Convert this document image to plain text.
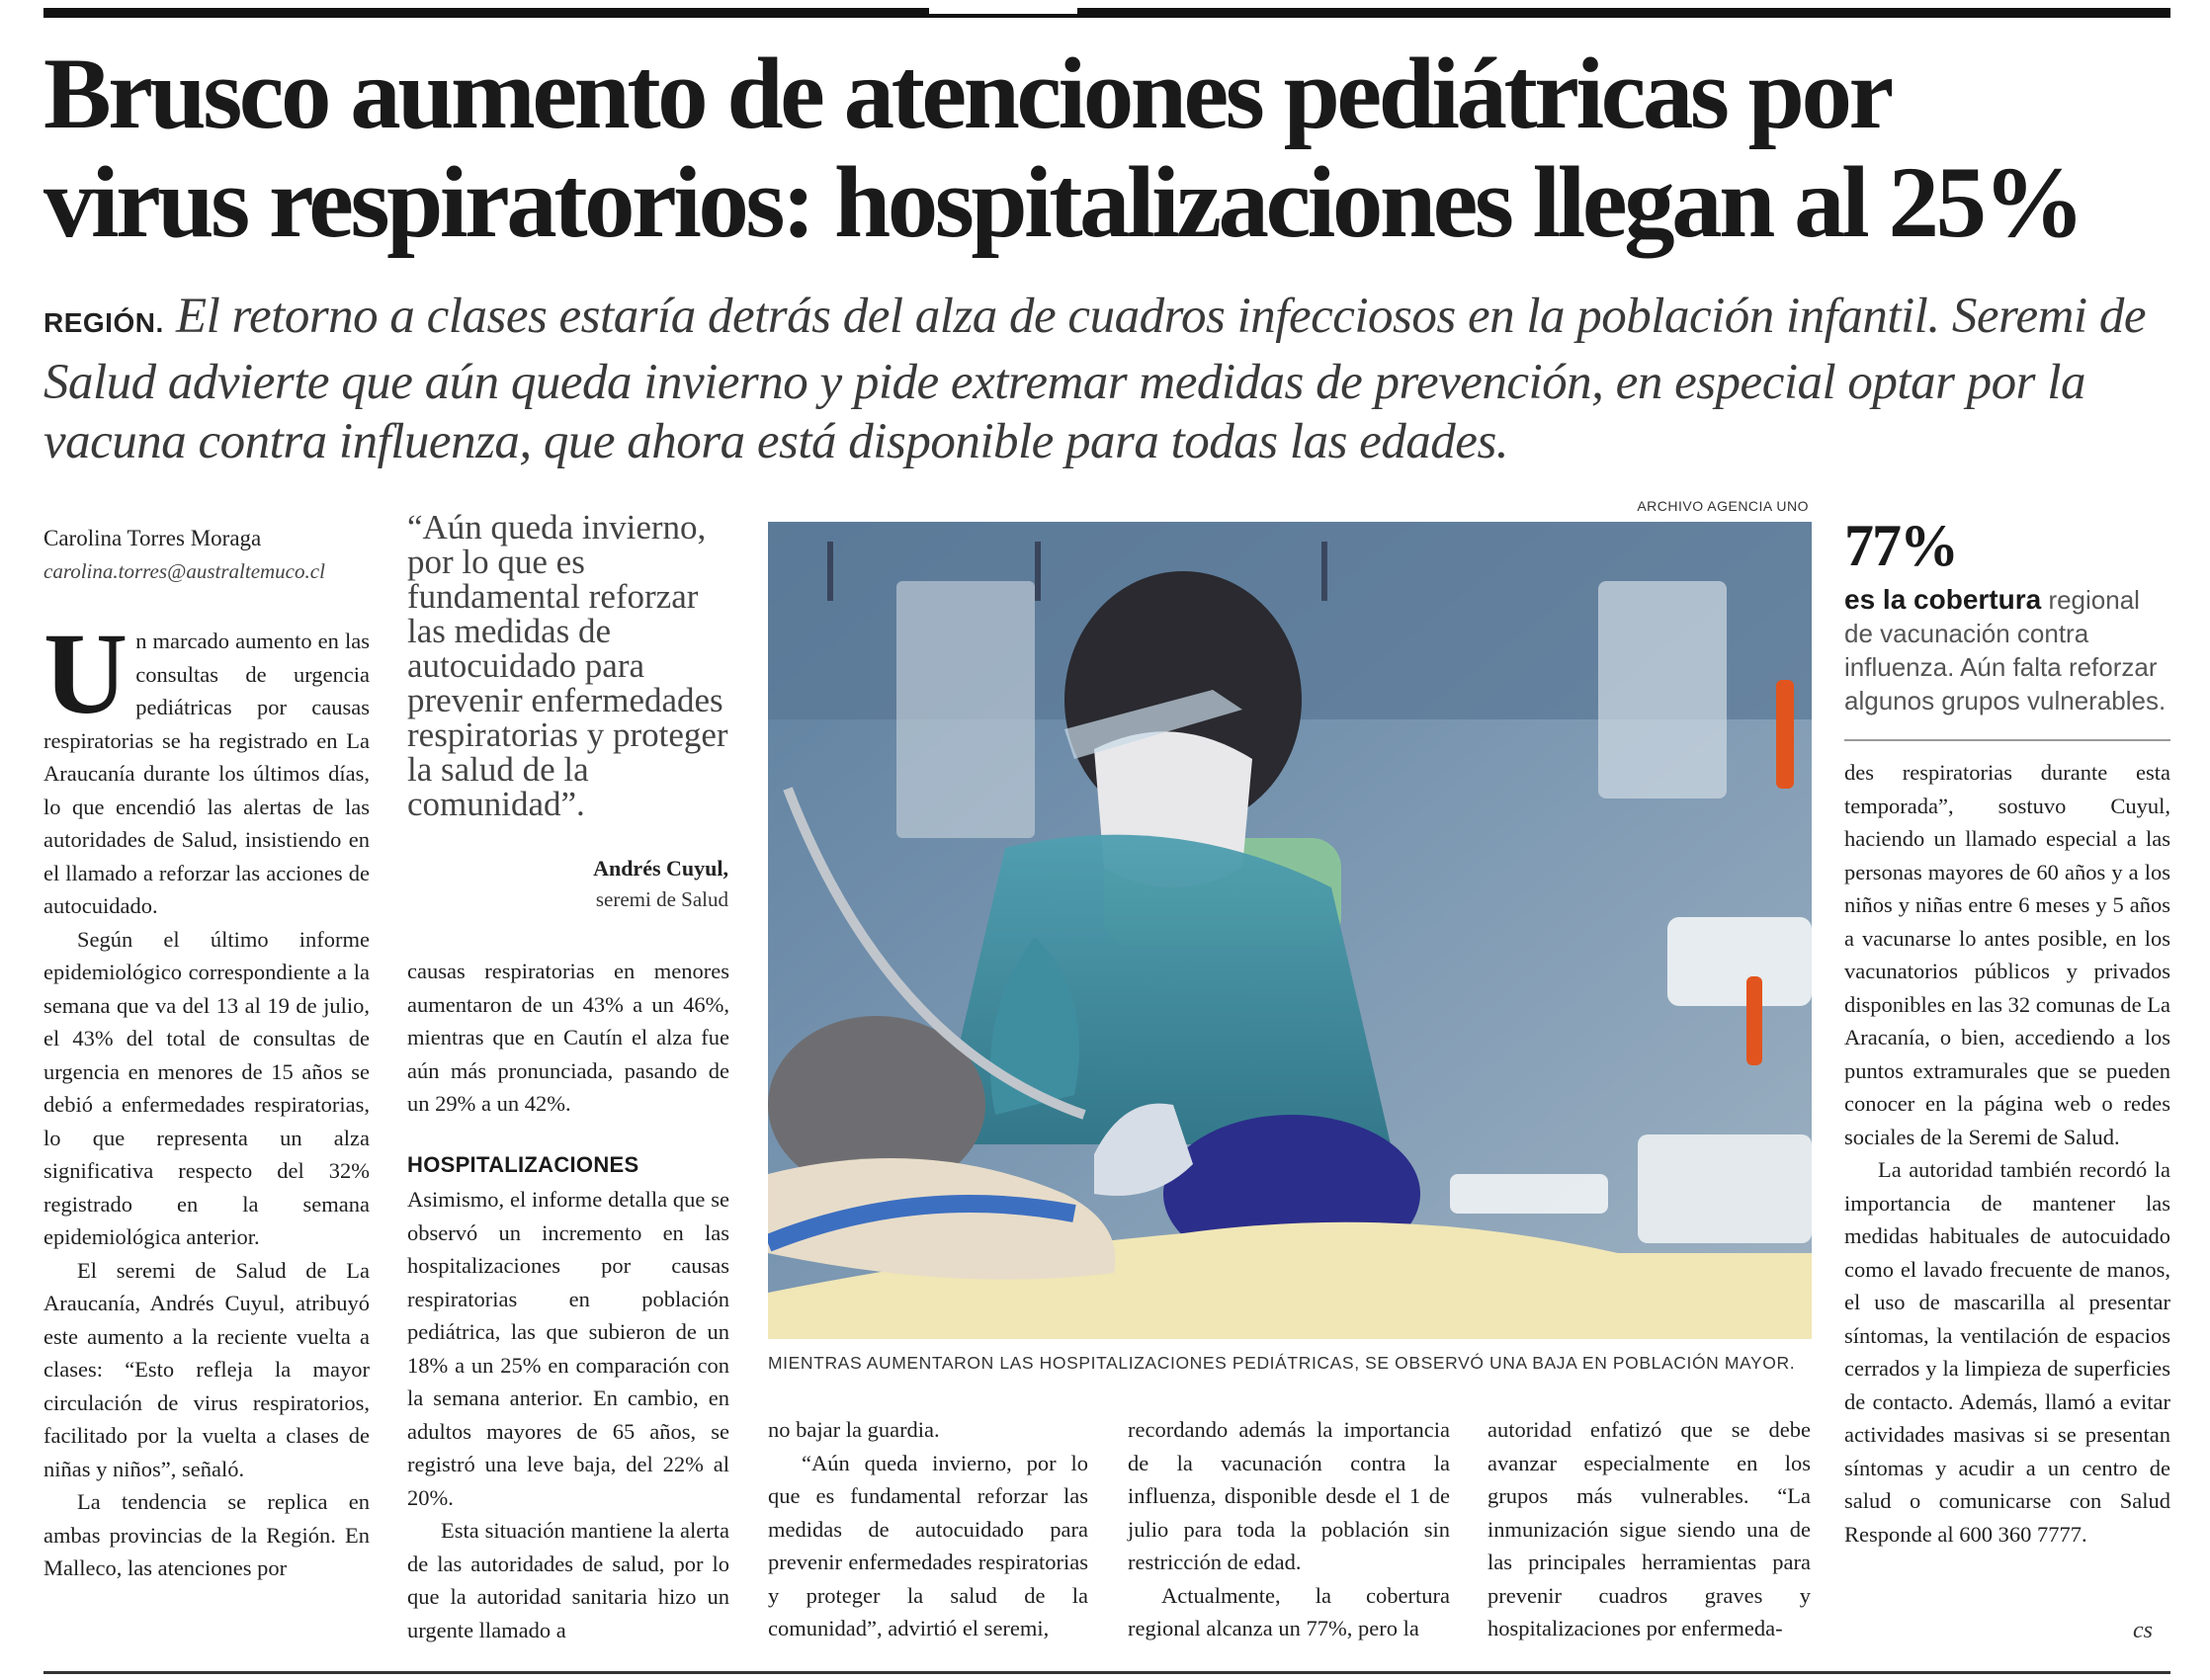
Brusco aumento de atenciones pediátricas por
virus respiratorios: hospitalizaciones llegan al 25%
REGIÓN. El retorno a clases estaría detrás del alza de cuadros infecciosos en la población infantil. Seremi de Salud advierte que aún queda invierno y pide extremar medidas de prevención, en especial optar por la vacuna contra influenza, que ahora está disponible para todas las edades.
Carolina Torres Moraga
carolina.torres@australtemuco.cl

Un marcado aumento en las consultas de urgencia pediátricas por causas respiratorias se ha registrado en La Araucanía durante los últimos días, lo que encendió las alertas de las autoridades de Salud, insistiendo en el llamado a reforzar las acciones de autocuidado.

Según el último informe epidemiológico correspondiente a la semana que va del 13 al 19 de julio, el 43% del total de consultas de urgencia en menores de 15 años se debió a enfermedades respiratorias, lo que representa un alza significativa respecto del 32% registrado en la semana epidemiológica anterior.

El seremi de Salud de La Araucanía, Andrés Cuyul, atribuyó este aumento a la reciente vuelta a clases: “Esto refleja la mayor circulación de virus respiratorios, facilitado por la vuelta a clases de niñas y niños”, señaló.

La tendencia se replica en ambas provincias de la Región. En Malleco, las atenciones por

“Aún queda invierno, por lo que es fundamental reforzar las medidas de autocuidado para prevenir enfermedades respiratorias y proteger la salud de la comunidad”.
Andrés Cuyul,
seremi de Salud

causas respiratorias en menores aumentaron de un 43% a un 46%, mientras que en Cautín el alza fue aún más pronunciada, pasando de un 29% a un 42%.

HOSPITALIZACIONES

Asimismo, el informe detalla que se observó un incremento en las hospitalizaciones por causas respiratorias en población pediátrica, las que subieron de un 18% a un 25% en comparación con la semana anterior. En cambio, en adultos mayores de 65 años, se registró una leve baja, del 22% al 20%.

Esta situación mantiene la alerta de las autoridades de salud, por lo que la autoridad sanitaria hizo un urgente llamado a

ARCHIVO AGENCIA UNO
MIENTRAS AUMENTARON LAS HOSPITALIZACIONES PEDIÁTRICAS, SE OBSERVÓ UNA BAJA EN POBLACIÓN MAYOR.

no bajar la guardia.

“Aún queda invierno, por lo que es fundamental reforzar las medidas de autocuidado para prevenir enfermedades respiratorias y proteger la salud de la comunidad”, advirtió el seremi,

recordando además la importancia de la vacunación contra la influenza, disponible desde el 1 de julio para toda la población sin restricción de edad.

Actualmente, la cobertura regional alcanza un 77%, pero la

autoridad enfatizó que se debe avanzar especialmente en los grupos más vulnerables. “La inmunización sigue siendo una de las principales herramientas para prevenir cuadros graves y hospitalizaciones por enfermeda-

77%
es la cobertura regional de vacunación contra influenza. Aún falta reforzar algunos grupos vulnerables.

des respiratorias durante esta temporada”, sostuvo Cuyul, haciendo un llamado especial a las personas mayores de 60 años y a los niños y niñas entre 6 meses y 5 años a vacunarse lo antes posible, en los vacunatorios públicos y privados disponibles en las 32 comunas de La Aracanía, o bien, accediendo a los puntos extramurales que se pueden conocer en la página web o redes sociales de la Seremi de Salud.

La autoridad también recordó la importancia de mantener las medidas habituales de autocuidado como el lavado frecuente de manos, el uso de mascarilla al presentar síntomas, la ventilación de espacios cerrados y la limpieza de superficies de contacto. Además, llamó a evitar actividades masivas si se presentan síntomas y acudir a un centro de salud o comunicarse con Salud Responde al 600 360 7777.

cs
